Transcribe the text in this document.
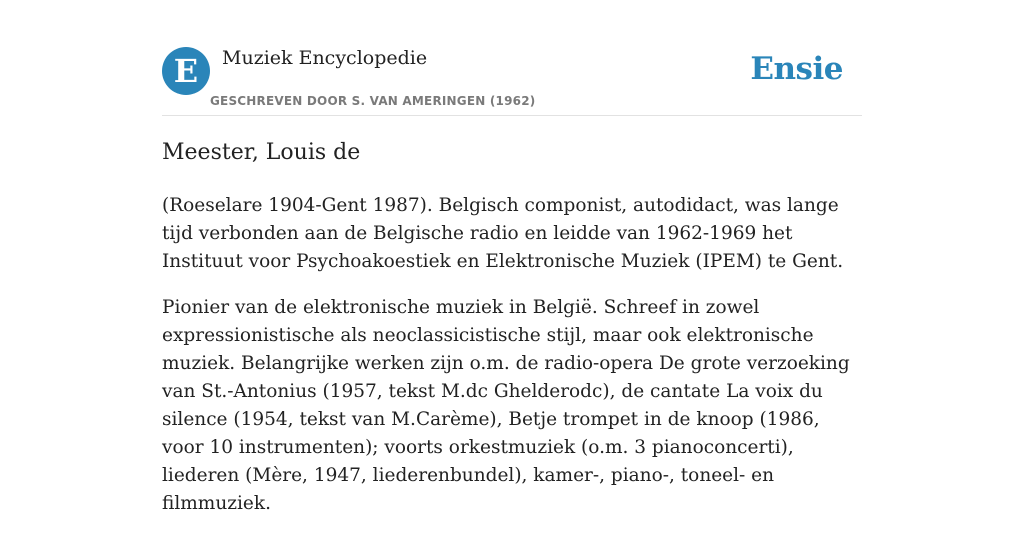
E	Muziek Encyclopedie
GESCHREVEN DOOR S. VAN AMERINGEN (1962)
Ensie
Meester, Louis de

(Roeselare 1904-Gent 1987). Belgisch componist, autodidact, was lange tijd verbonden aan de Belgische radio en leidde van 1962-1969 het Instituut voor Psychoakoestiek en Elektronische Muziek (IPEM) te Gent.

Pionier van de elektronische muziek in België. Schreef in zowel expressionistische als neoclassicistische stijl, maar ook elektronische muziek. Belangrijke werken zijn o.m. de radio-opera De grote verzoeking van St.-Antonius (1957, tekst M.dc Ghelderodc), de cantate La voix du silence (1954, tekst van M.Carème), Betje trompet in de knoop (1986, voor 10 instrumenten); voorts orkestmuziek (o.m. 3 pianoconcerti), liederen (Mère, 1947, liederenbundel), kamer-, piano-, toneel- en filmmuziek.
